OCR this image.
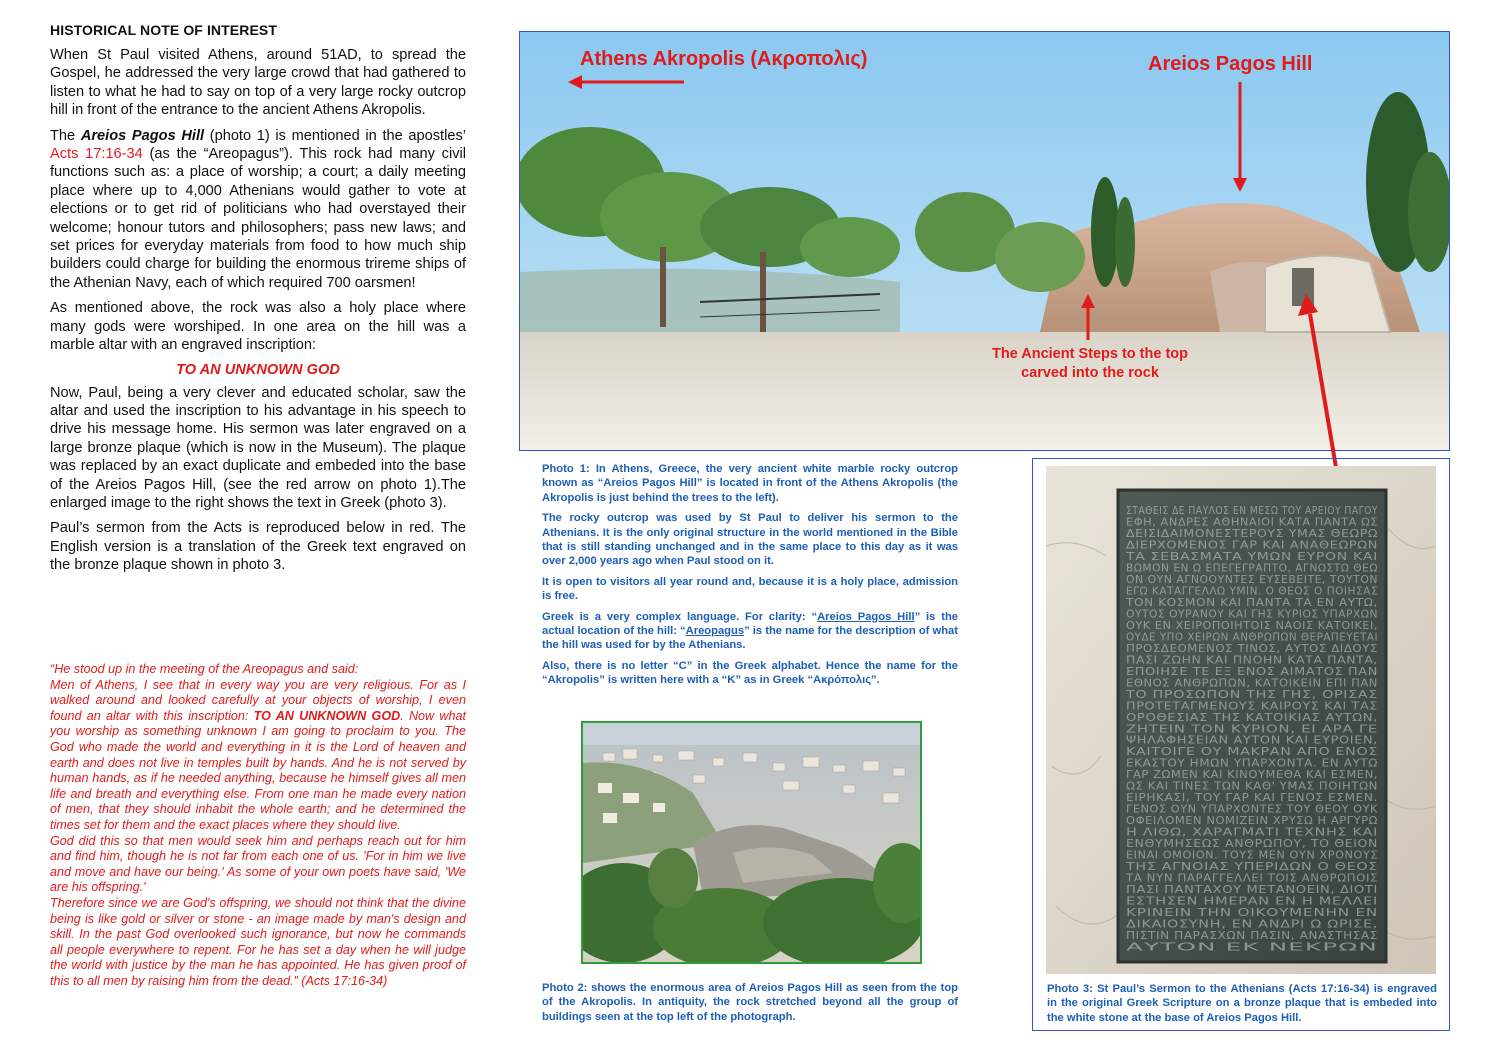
HISTORICAL NOTE OF INTEREST

When St Paul visited Athens, around 51AD, to spread the Gospel, he addressed the very large crowd that had gathered to listen to what he had to say on top of a very large rocky outcrop hill in front of the entrance to the ancient Athens Akropolis.

The Areios Pagos Hill (photo 1) is mentioned in the apostles’ Acts 17:16-34 (as the “Areopagus”). This rock had many civil functions such as: a place of worship; a court; a daily meeting place where up to 4,000 Athenians would gather to vote at elections or to get rid of politicians who had overstayed their welcome; honour tutors and philosophers; pass new laws; and set prices for everyday materials from food to how much ship builders could charge for building the enormous trireme ships of the Athenian Navy, each of which required 700 oarsmen!

As mentioned above, the rock was also a holy place where many gods were worshiped. In one area on the hill was a marble altar with an engraved inscription:

TO AN UNKNOWN GOD

Now, Paul, being a very clever and educated scholar, saw the altar and used the inscription to his advantage in his speech to drive his message home. His sermon was later engraved on a large bronze plaque (which is now in the Museum). The plaque was replaced by an exact duplicate and embeded into the base of the Areios Pagos Hill, (see the red arrow on photo 1).The enlarged image to the right shows the text in Greek (photo 3).

Paul’s sermon from the Acts is reproduced below in red. The English version is a translation of the Greek text engraved on the bronze plaque shown in photo 3.

“He stood up in the meeting of the Areopagus and said:
Men of Athens, I see that in every way you are very religious. For as I walked around and looked carefully at your objects of worship, I even found an altar with this inscription: TO AN UNKNOWN GOD. Now what you worship as something unknown I am going to proclaim to you. The God who made the world and everything in it is the Lord of heaven and earth and does not live in temples built by hands. And he is not served by human hands, as if he needed anything, because he himself gives all men life and breath and everything else. From one man he made every nation of men, that they should inhabit the whole earth; and he determined the times set for them and the exact places where they should live.
God did this so that men would seek him and perhaps reach out for him and find him, though he is not far from each one of us. 'For in him we live and move and have our being.' As some of your own poets have said, 'We are his offspring.'
Therefore since we are God's offspring, we should not think that the divine being is like gold or silver or stone - an image made by man's design and skill. In the past God overlooked such ignorance, but now he commands all people everywhere to repent. For he has set a day when he will judge the world with justice by the man he has appointed. He has given proof of this to all men by raising him from the dead.” (Acts 17:16-34)
Athens Akropolis (Ακροπολις)	Areios Pagos Hill
The Ancient Steps to the top
carved into the rock

Photo 1: In Athens, Greece, the very ancient white marble rocky outcrop known as “Areios Pagos Hill” is located in front of the Athens Akropolis (the Akropolis is just behind the trees to the left).

The rocky outcrop was used by St Paul to deliver his sermon to the Athenians. It is the only original structure in the world mentioned in the Bible that is still standing unchanged and in the same place to this day as it was over 2,000 years ago when Paul stood on it.

It is open to visitors all year round and, because it is a holy place, admission is free.

Greek is a very complex language. For clarity: “Areios Pagos Hill” is the actual location of the hill: “Areopagus” is the name for the description of what the hill was used for by the Athenians.

Also, there is no letter “C” in the Greek alphabet. Hence the name for the “Akropolis” is written here with a “K” as in Greek “Ακρόπολις”.

Photo 2: shows the enormous area of Areios Pagos Hill as seen from the top of the Akropolis. In antiquity, the rock stretched beyond all the group of buildings seen at the top left of the photograph.
ΣΤΑΘΕΙΣ ΔΕ ΠΑΥΛΟΣ ΕΝ ΜΕΣΩ ΤΟΥ ΑΡΕΙΟΥ ΠΑΓΟΥ
ΕΦΗ, ΑΝΔΡΕΣ ΑΘΗΝΑΙΟΙ ΚΑΤΑ ΠΑΝΤΑ ΩΣ
ΔΕΙΣΙΔΑΙΜΟΝΕΣΤΕΡΟΥΣ ΥΜΑΣ ΘΕΩΡΩ
ΔΙΕΡΧΟΜΕΝΟΣ ΓΑΡ ΚΑΙ ΑΝΑΘΕΩΡΩΝ
ΤΑ ΣΕΒΑΣΜΑΤΑ ΥΜΩΝ ΕΥΡΟΝ ΚΑΙ
ΒΩΜΟΝ ΕΝ Ω ΕΠΕΓΕΓΡΑΠΤΟ, ΑΓΝΩΣΤΩ ΘΕΩ
ΟΝ ΟΥΝ ΑΓΝΟΟΥΝΤΕΣ ΕΥΣΕΒΕΙΤΕ, ΤΟΥΤΟΝ
ΕΓΩ ΚΑΤΑΓΓΕΛΛΩ ΥΜΙΝ. Ο ΘΕΟΣ Ο ΠΟΙΗΣΑΣ
ΤΟΝ ΚΟΣΜΟΝ ΚΑΙ ΠΑΝΤΑ ΤΑ ΕΝ ΑΥΤΩ,
ΟΥΤΟΣ ΟΥΡΑΝΟΥ ΚΑΙ ΓΗΣ ΚΥΡΙΟΣ ΥΠΑΡΧΩΝ
ΟΥΚ ΕΝ ΧΕΙΡΟΠΟΙΗΤΟΙΣ ΝΑΟΙΣ ΚΑΤΟΙΚΕΙ,
ΟΥΔΕ ΥΠΟ ΧΕΙΡΩΝ ΑΝΘΡΩΠΩΝ ΘΕΡΑΠΕΥΕΤΑΙ
ΠΡΟΣΔΕΟΜΕΝΟΣ ΤΙΝΟΣ, ΑΥΤΟΣ ΔΙΔΟΥΣ
ΠΑΣΙ ΖΩΗΝ ΚΑΙ ΠΝΟΗΝ ΚΑΤΑ ΠΑΝΤΑ,
ΕΠΟΙΗΣΕ ΤΕ ΕΞ ΕΝΟΣ ΑΙΜΑΤΟΣ ΠΑΝ
ΕΘΝΟΣ ΑΝΘΡΩΠΩΝ, ΚΑΤΟΙΚΕΙΝ ΕΠΙ ΠΑΝ
ΤΟ ΠΡΟΣΩΠΟΝ ΤΗΣ ΓΗΣ, ΟΡΙΣΑΣ
ΠΡΟΤΕΤΑΓΜΕΝΟΥΣ ΚΑΙΡΟΥΣ ΚΑΙ ΤΑΣ
ΟΡΟΘΕΣΙΑΣ ΤΗΣ ΚΑΤΟΙΚΙΑΣ ΑΥΤΩΝ,
ΖΗΤΕΙΝ ΤΟΝ ΚΥΡΙΟΝ, ΕΙ ΑΡΑ ΓΕ
ΨΗΛΑΦΗΣΕΙΑΝ ΑΥΤΟΝ ΚΑΙ ΕΥΡΟΙΕΝ,
ΚΑΙΤΟΙΓΕ ΟΥ ΜΑΚΡΑΝ ΑΠΟ ΕΝΟΣ
ΕΚΑΣΤΟΥ ΗΜΩΝ ΥΠΑΡΧΟΝΤΑ. ΕΝ ΑΥΤΩ
ΓΑΡ ΖΩΜΕΝ ΚΑΙ ΚΙΝΟΥΜΕΘΑ ΚΑΙ ΕΣΜΕΝ,
ΩΣ ΚΑΙ ΤΙΝΕΣ ΤΩΝ ΚΑΘ' ΥΜΑΣ ΠΟΙΗΤΩΝ
ΕΙΡΗΚΑΣΙ, ΤΟΥ ΓΑΡ ΚΑΙ ΓΕΝΟΣ ΕΣΜΕΝ.
ΓΕΝΟΣ ΟΥΝ ΥΠΑΡΧΟΝΤΕΣ ΤΟΥ ΘΕΟΥ ΟΥΚ
ΟΦΕΙΛΟΜΕΝ ΝΟΜΙΖΕΙΝ ΧΡΥΣΩ Η ΑΡΓΥΡΩ
Η ΛΙΘΩ, ΧΑΡΑΓΜΑΤΙ ΤΕΧΝΗΣ ΚΑΙ
ΕΝΘΥΜΗΣΕΩΣ ΑΝΘΡΩΠΟΥ, ΤΟ ΘΕΙΟΝ
ΕΙΝΑΙ ΟΜΟΙΟΝ. ΤΟΥΣ ΜΕΝ ΟΥΝ ΧΡΟΝΟΥΣ
ΤΗΣ ΑΓΝΟΙΑΣ ΥΠΕΡΙΔΩΝ Ο ΘΕΟΣ
ΤΑ ΝΥΝ ΠΑΡΑΓΓΕΛΛΕΙ ΤΟΙΣ ΑΝΘΡΩΠΟΙΣ
ΠΑΣΙ ΠΑΝΤΑΧΟΥ ΜΕΤΑΝΟΕΙΝ, ΔΙΟΤΙ
ΕΣΤΗΣΕΝ ΗΜΕΡΑΝ ΕΝ Η ΜΕΛΛΕΙ
ΚΡΙΝΕΙΝ ΤΗΝ ΟΙΚΟΥΜΕΝΗΝ ΕΝ
ΔΙΚΑΙΟΣΥΝΗ, ΕΝ ΑΝΔΡΙ Ω ΩΡΙΣΕ,
ΠΙΣΤΙΝ ΠΑΡΑΣΧΩΝ ΠΑΣΙΝ, ΑΝΑΣΤΗΣΑΣ
ΑΥΤΟΝ ΕΚ ΝΕΚΡΩΝ
Photo 3: St Paul’s Sermon to the Athenians (Acts 17:16-34) is engraved in the original Greek Scripture on a bronze plaque that is embeded into the white stone at the base of Areios Pagos Hill.
